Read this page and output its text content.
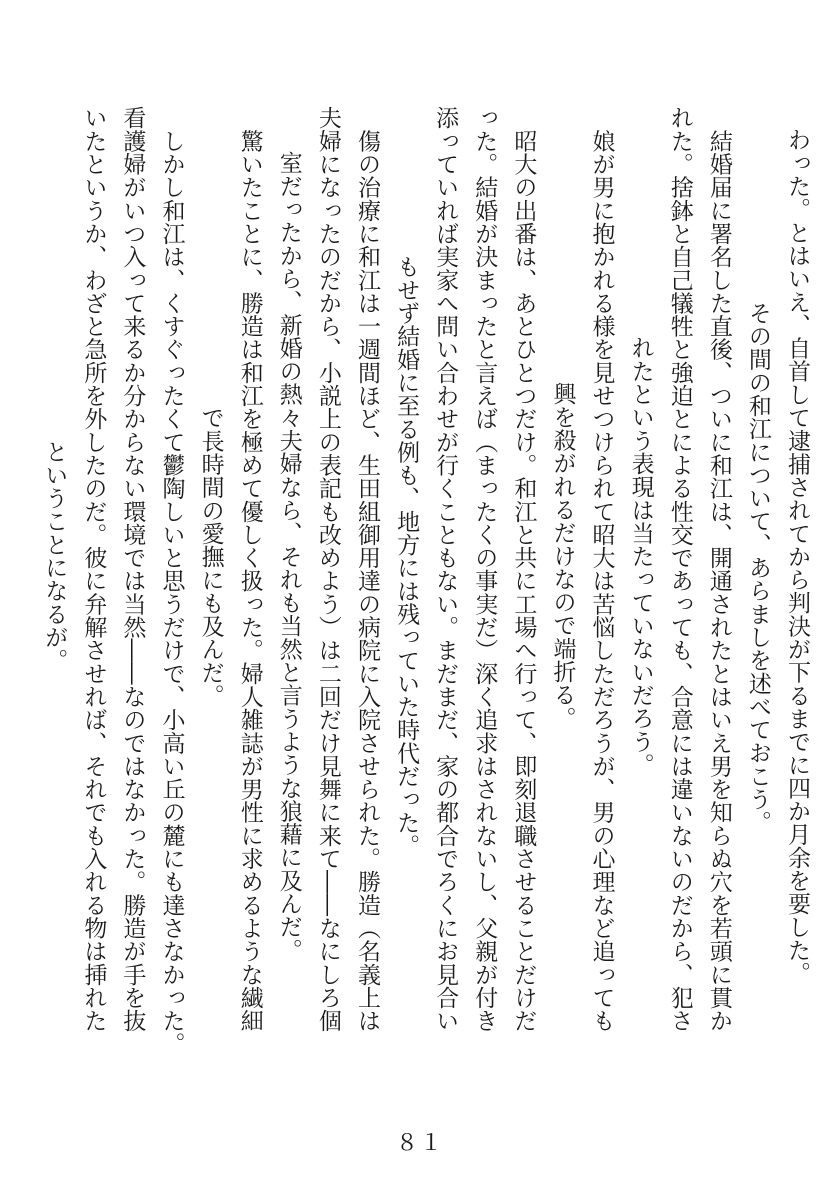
わった。とはいえ、自首して逮捕されてから判決が下るまでに四か月余を要した。
　その間の和江について、あらましを述べておこう。
　結婚届に署名した直後、ついに和江は、開通されたとはいえ男を知らぬ穴を若頭に貫か
れた。捨鉢と自己犠牲と強迫とによる性交であっても、合意には違いないのだから、犯さ
れたという表現は当たっていないだろう。
　娘が男に抱かれる様を見せつけられて昭大は苦悩しただろうが、男の心理など追っても
興を殺がれるだけなので端折る。
　昭大の出番は、あとひとつだけ。和江と共に工場へ行って、即刻退職させることだけだ
った。結婚が決まったと言えば（まったくの事実だ）深く追求はされないし、父親が付き
添っていれば実家へ問い合わせが行くこともない。まだまだ、家の都合でろくにお見合い
もせず結婚に至る例も、地方には残っていた時代だった。
　傷の治療に和江は一週間ほど、生田組御用達の病院に入院させられた。勝造（名義上は
夫婦になったのだから、小説上の表記も改めよう）は二回だけ見舞に来て――なにしろ個
室だったから、新婚の熱々夫婦なら、それも当然と言うような狼藉に及んだ。
　驚いたことに、勝造は和江を極めて優しく扱った。婦人雑誌が男性に求めるような繊細
で長時間の愛撫にも及んだ。
　しかし和江は、くすぐったくて鬱陶しいと思うだけで、小高い丘の麓にも達さなかった。
看護婦がいつ入って来るか分からない環境では当然――なのではなかった。勝造が手を抜
いたというか、わざと急所を外したのだ。彼に弁解させれば、それでも入れる物は挿れた
ということになるが。
８１
